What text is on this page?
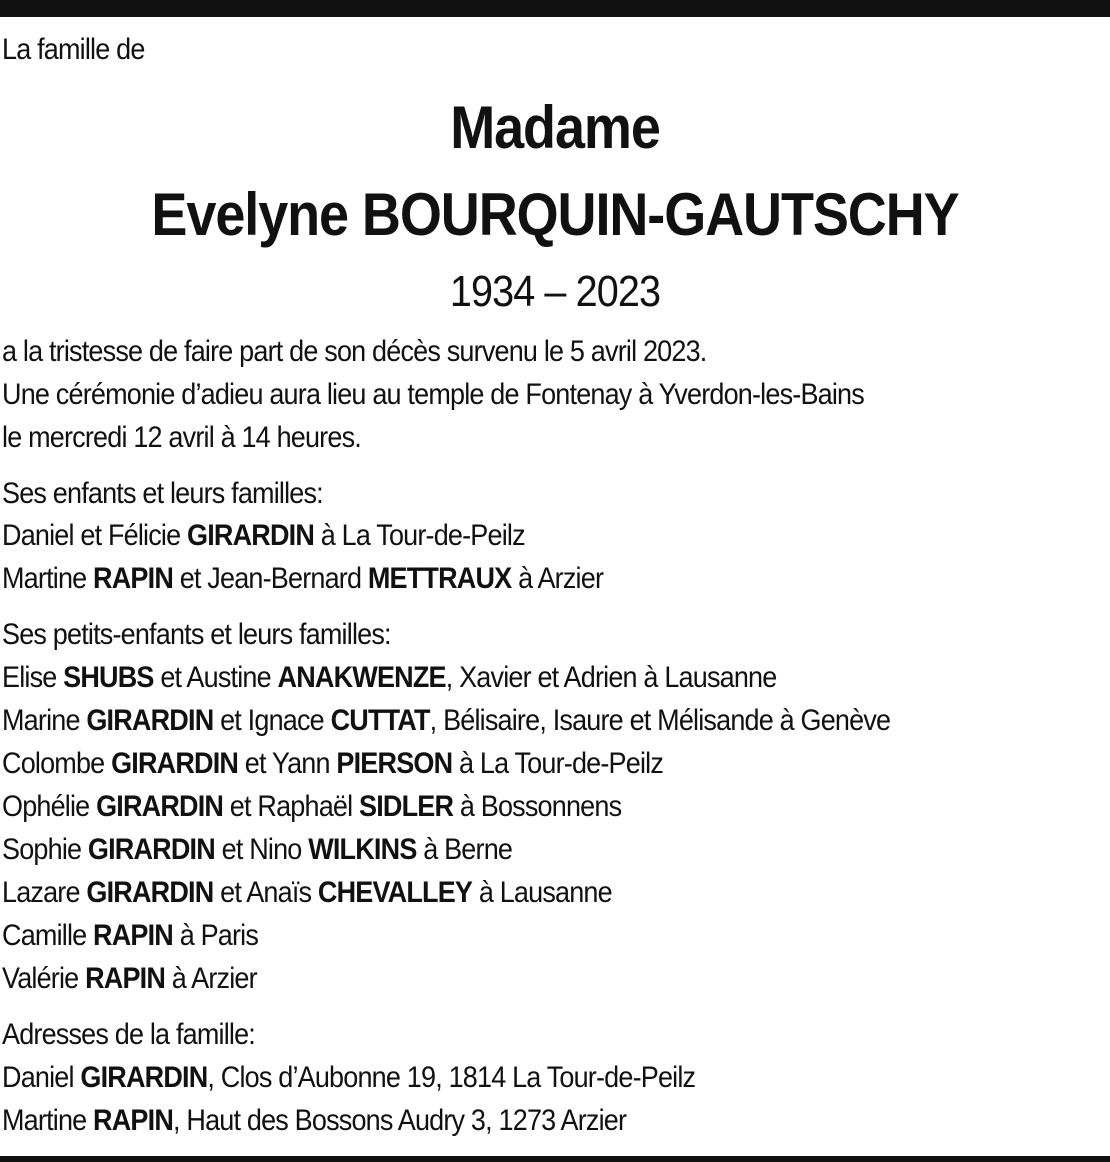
La famille de
Madame
Evelyne BOURQUIN-GAUTSCHY
1934 – 2023
a la tristesse de faire part de son décès survenu le 5 avril 2023.
Une cérémonie d’adieu aura lieu au temple de Fontenay à Yverdon-les-Bains
le mercredi 12 avril à 14 heures.
Ses enfants et leurs familles:
Daniel et Félicie GIRARDIN à La Tour-de-Peilz
Martine RAPIN et Jean-Bernard METTRAUX à Arzier
Ses petits-enfants et leurs familles:
Elise SHUBS et Austine ANAKWENZE, Xavier et Adrien à Lausanne
Marine GIRARDIN et Ignace CUTTAT, Bélisaire, Isaure et Mélisande à Genève
Colombe GIRARDIN et Yann PIERSON à La Tour-de-Peilz
Ophélie GIRARDIN et Raphaël SIDLER à Bossonnens
Sophie GIRARDIN et Nino WILKINS à Berne
Lazare GIRARDIN et Anaïs CHEVALLEY à Lausanne
Camille RAPIN à Paris
Valérie RAPIN à Arzier
Adresses de la famille:
Daniel GIRARDIN, Clos d’Aubonne 19, 1814 La Tour-de-Peilz
Martine RAPIN, Haut des Bossons Audry 3, 1273 Arzier
